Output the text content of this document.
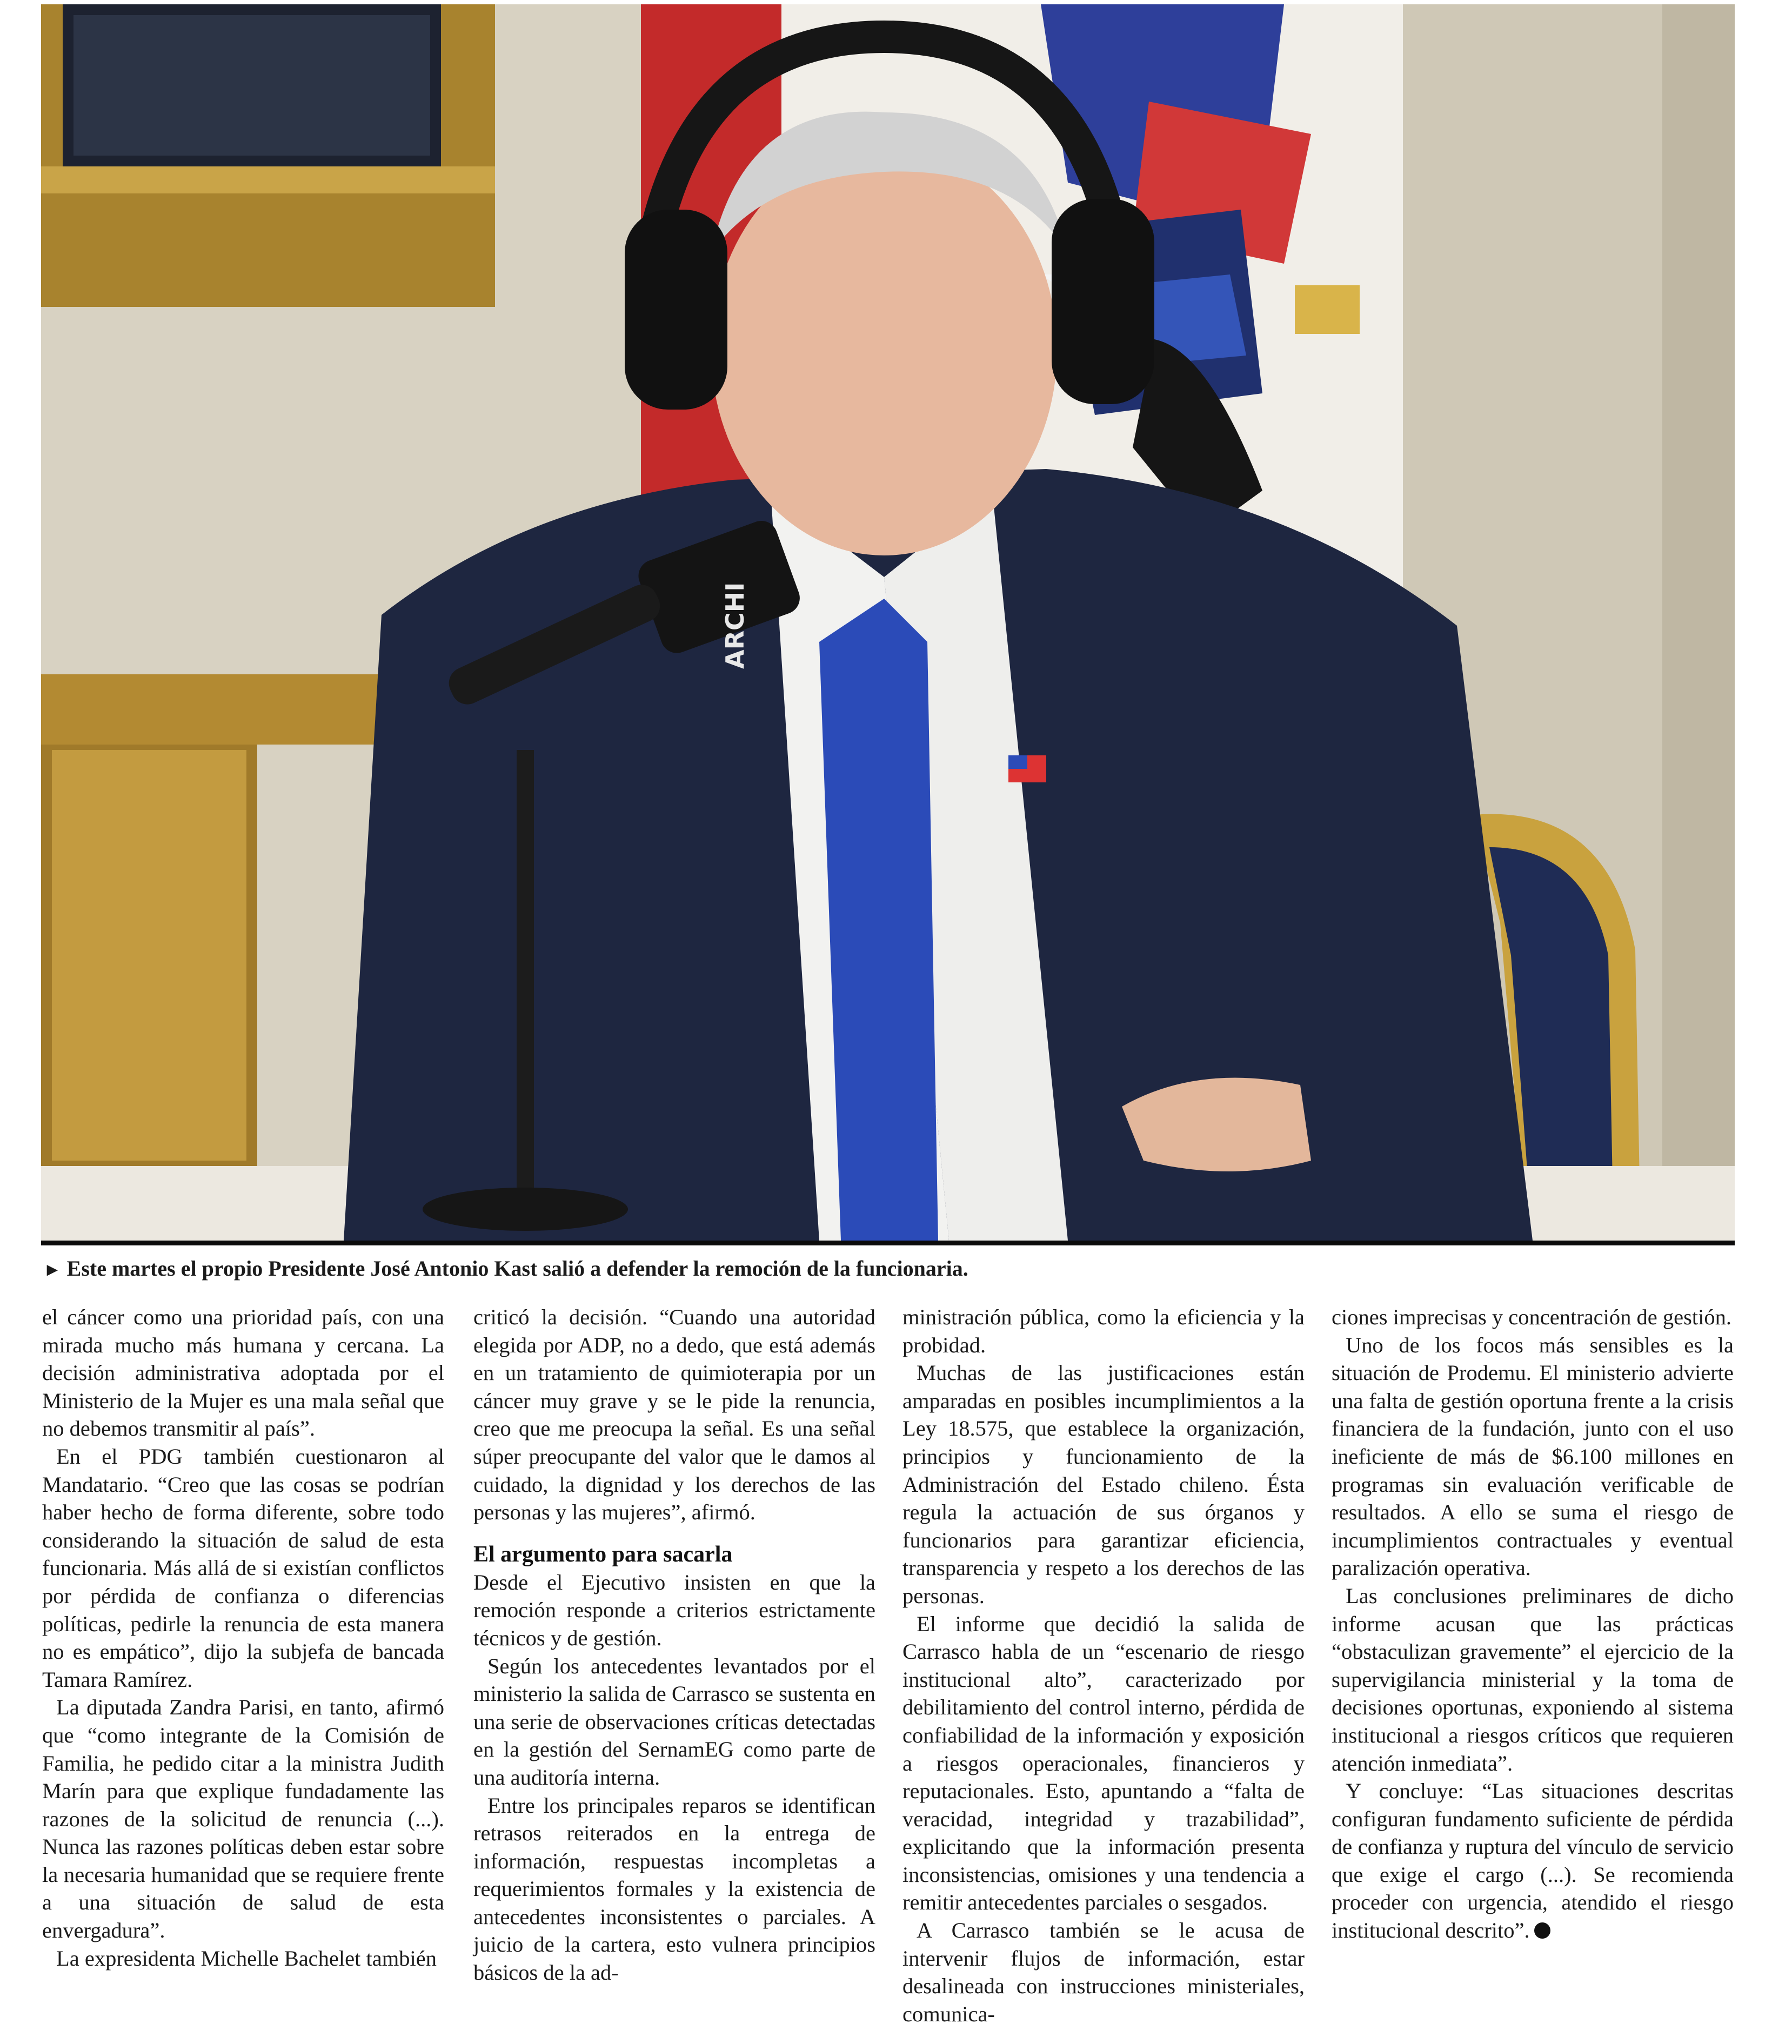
ARCHI
► Este martes el propio Presidente José Antonio Kast salió a defender la remoción de la funcionaria.

el cáncer como una prioridad país, con una mirada mucho más humana y cercana. La decisión administrativa adoptada por el Ministerio de la Mujer es una mala señal que no debemos transmitir al país”.

En el PDG también cuestionaron al Mandatario. “Creo que las cosas se podrían haber hecho de forma diferente, sobre todo considerando la situación de salud de esta funcionaria. Más allá de si existían conflictos por pérdida de confianza o diferencias políticas, pedirle la renuncia de esta manera no es empático”, dijo la subjefa de bancada Tamara Ramírez.

La diputada Zandra Parisi, en tanto, afirmó que “como integrante de la Comisión de Familia, he pedido citar a la ministra Judith Marín para que explique fundadamente las razones de la solicitud de renuncia (...). Nunca las razones políticas deben estar sobre la necesaria humanidad que se requiere frente a una situación de salud de esta envergadura”.

La expresidenta Michelle Bachelet también

criticó la decisión. “Cuando una autoridad elegida por ADP, no a dedo, que está además en un tratamiento de quimioterapia por un cáncer muy grave y se le pide la renuncia, creo que me preocupa la señal. Es una señal súper preocupante del valor que le damos al cuidado, la dignidad y los derechos de las personas y las mujeres”, afirmó.

El argumento para sacarla

Desde el Ejecutivo insisten en que la remoción responde a criterios estrictamente técnicos y de gestión.

Según los antecedentes levantados por el ministerio la salida de Carrasco se sustenta en una serie de observaciones críticas detectadas en la gestión del SernamEG como parte de una auditoría interna.

Entre los principales reparos se identifican retrasos reiterados en la entrega de información, respuestas incompletas a requerimientos formales y la existencia de antecedentes inconsistentes o parciales. A juicio de la cartera, esto vulnera principios básicos de la ad-

ministración pública, como la eficiencia y la probidad.

Muchas de las justificaciones están amparadas en posibles incumplimientos a la Ley 18.575, que establece la organización, principios y funcionamiento de la Administración del Estado chileno. Ésta regula la actuación de sus órganos y funcionarios para garantizar eficiencia, transparencia y respeto a los derechos de las personas.

El informe que decidió la salida de Carrasco habla de un “escenario de riesgo institucional alto”, caracterizado por debilitamiento del control interno, pérdida de confiabilidad de la información y exposición a riesgos operacionales, financieros y reputacionales. Esto, apuntando a “falta de veracidad, integridad y trazabilidad”, explicitando que la información presenta inconsistencias, omisiones y una tendencia a remitir antecedentes parciales o sesgados.

A Carrasco también se le acusa de intervenir flujos de información, estar desalineada con instrucciones ministeriales, comunica-

ciones imprecisas y concentración de gestión.

Uno de los focos más sensibles es la situación de Prodemu. El ministerio advierte una falta de gestión oportuna frente a la crisis financiera de la fundación, junto con el uso ineficiente de más de $6.100 millones en programas sin evaluación verificable de resultados. A ello se suma el riesgo de incumplimientos contractuales y eventual paralización operativa.

Las conclusiones preliminares de dicho informe acusan que las prácticas “obstaculizan gravemente” el ejercicio de la supervigilancia ministerial y la toma de decisiones oportunas, exponiendo al sistema institucional a riesgos críticos que requieren atención inmediata”.

Y concluye: “Las situaciones descritas configuran fundamento suficiente de pérdida de confianza y ruptura del vínculo de servicio que exige el cargo (...). Se recomienda proceder con urgencia, atendido el riesgo institucional descrito”.
